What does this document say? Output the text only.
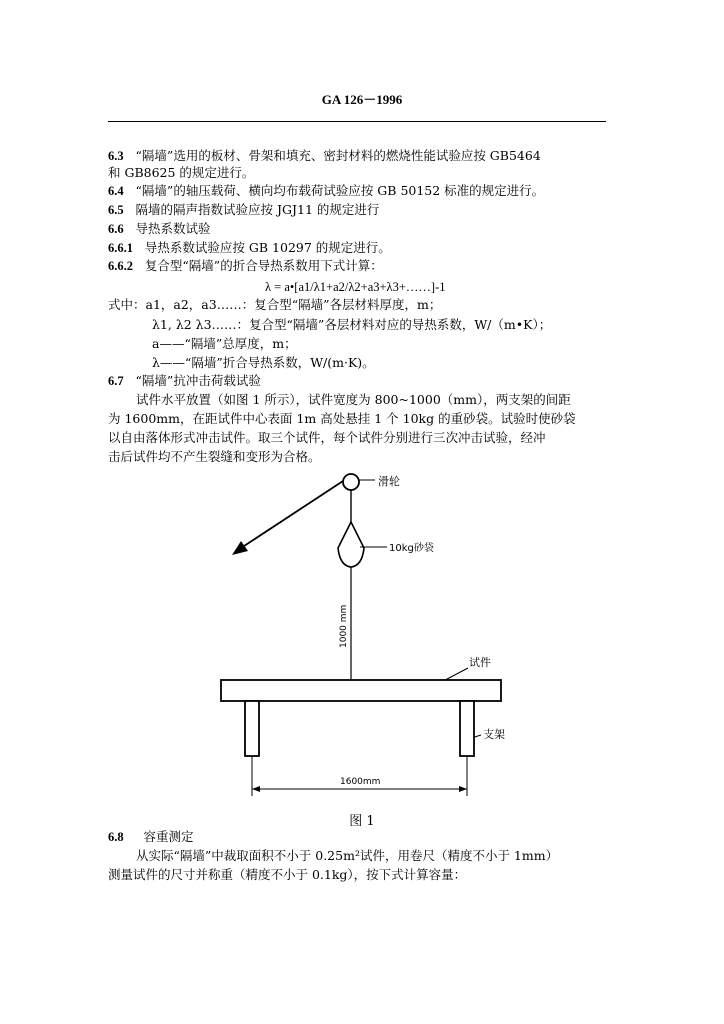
GA 126－1996
6.3 “隔墙”选用的板材、骨架和填充、密封材料的燃烧性能试验应按 GB5464
和 GB8625 的规定进行。
6.4 “隔墙”的轴压载荷、横向均布载荷试验应按 GB 50152 标准的规定进行。
6.5 隔墙的隔声指数试验应按 JGJ11 的规定进行
6.6 导热系数试验
6.6.1 导热系数试验应按 GB 10297 的规定进行。
6.6.2 复合型“隔墙”的折合导热系数用下式计算：
λ = a•[a1/λ1+a2/λ2+a3+λ3+……]-1
式中：a1，a2，a3……：复合型“隔墙”各层材料厚度，m；
λ1, λ2 λ3……：复合型“隔墙”各层材料对应的导热系数，W/（m•K）；
a——“隔墙”总厚度，m；
λ——“隔墙”折合导热系数，W/(m·K)。
6.7 “隔墙”抗冲击荷载试验
试件水平放置（如图 1 所示），试件宽度为 800~1000（mm），两支架的间距
为 1600mm，在距试件中心表面 1m 高处悬挂 1 个 10kg 的重砂袋。试验时使砂袋
以自由落体形式冲击试件。取三个试件，每个试件分别进行三次冲击试验，经冲
击后试件均不产生裂缝和变形为合格。
滑轮
10kg砂袋
1000 mm
试件
支架
1600mm
图 1
6.8 容重测定
从实际“隔墙”中裁取面积不小于 0.25m²试件，用卷尺（精度不小于 1mm）
测量试件的尺寸并称重（精度不小于 0.1kg），按下式计算容量：
